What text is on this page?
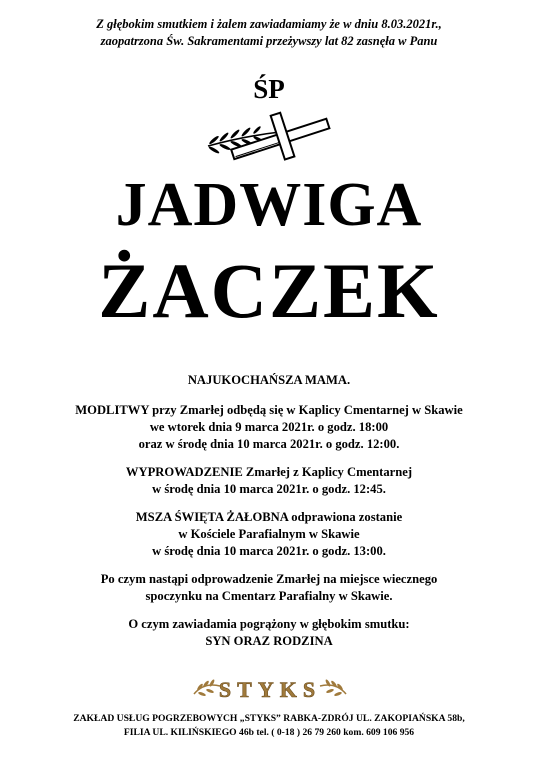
Z głębokim smutkiem i żalem zawiadamiamy że w dniu 8.03.2021r.,
zaopatrzona Św. Sakramentami przeżywszy lat 82 zasnęła w Panu
ŚP
JADWIGA
ŻACZEK

NAJUKOCHAŃSZA MAMA.

MODLITWY przy Zmarłej odbędą się w Kaplicy Cmentarnej w Skawie

we wtorek dnia 9 marca 2021r. o godz. 18:00

oraz w środę dnia 10 marca 2021r. o godz. 12:00.

WYPROWADZENIE Zmarłej z Kaplicy Cmentarnej

w środę dnia 10 marca 2021r. o godz. 12:45.

MSZA ŚWIĘTA ŻAŁOBNA odprawiona zostanie

w Kościele Parafialnym w Skawie

w środę dnia 10 marca 2021r. o godz. 13:00.

Po czym nastąpi odprowadzenie Zmarłej na miejsce wiecznego

spoczynku na Cmentarz Parafialny w Skawie.

O czym zawiadamia pogrążony w głębokim smutku:

SYN ORAZ RODZINA

STYKS
ZAKŁAD USŁUG POGRZEBOWYCH „STYKS” RABKA-ZDRÓJ UL. ZAKOPIAŃSKA 58b,
FILIA UL. KILIŃSKIEGO 46b tel. ( 0-18 ) 26 79 260 kom. 609 106 956
